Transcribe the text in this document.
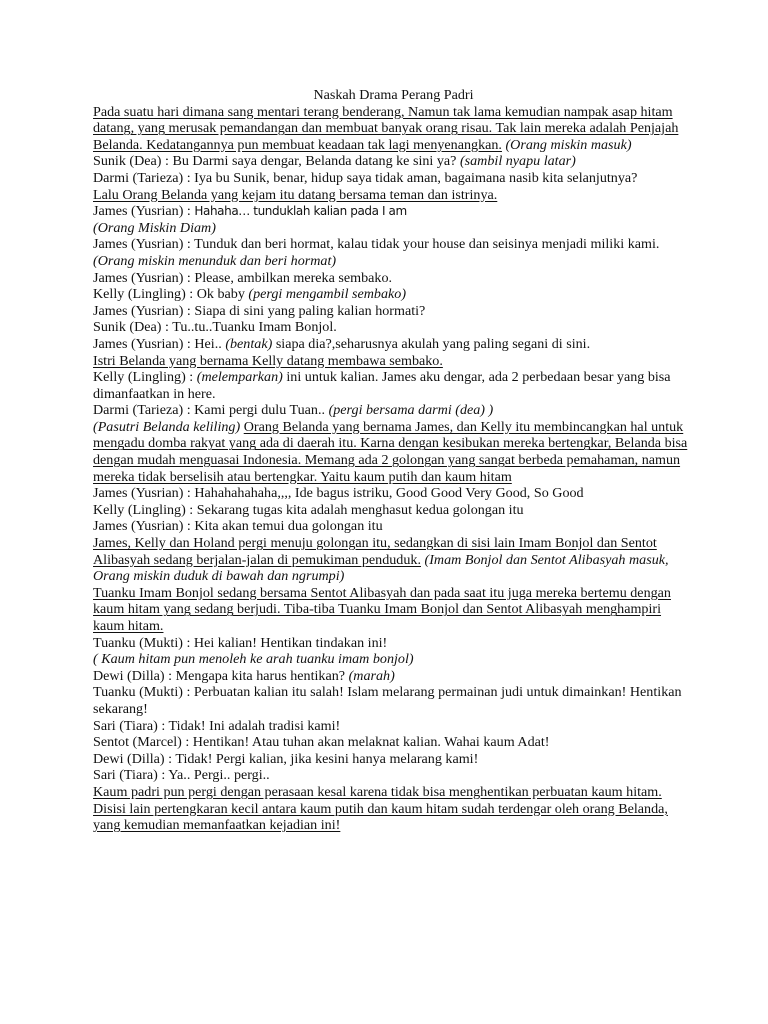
Naskah Drama Perang Padri
Pada suatu hari dimana sang mentari terang benderang, Namun tak lama kemudian nampak asap hitam datang, yang merusak pemandangan dan membuat banyak orang risau. Tak lain mereka adalah Penjajah Belanda. Kedatangannya pun membuat keadaan tak lagi menyenangkan. (Orang miskin masuk)
Sunik (Dea) : Bu Darmi saya dengar, Belanda datang ke sini ya? (sambil nyapu latar)
Darmi (Tarieza) : Iya bu Sunik, benar, hidup saya tidak aman, bagaimana nasib kita selanjutnya?
Lalu Orang Belanda yang kejam itu datang bersama teman dan istrinya.
James (Yusrian) : Hahaha… tunduklah kalian pada I am
(Orang Miskin Diam)
James (Yusrian) : Tunduk dan beri hormat, kalau tidak your house dan seisinya menjadi miliki kami.
(Orang miskin menunduk dan beri hormat)
James (Yusrian) : Please, ambilkan mereka sembako.
Kelly (Lingling) : Ok baby (pergi mengambil sembako)
James (Yusrian) : Siapa di sini yang paling kalian hormati?
Sunik (Dea) : Tu..tu..Tuanku Imam Bonjol.
James (Yusrian) : Hei.. (bentak) siapa dia?,seharusnya akulah yang paling segani di sini.
Istri Belanda yang bernama Kelly datang membawa sembako.
Kelly (Lingling) : (melemparkan) ini untuk kalian. James aku dengar, ada 2 perbedaan besar yang bisa dimanfaatkan in here.
Darmi (Tarieza) : Kami pergi dulu Tuan.. (pergi bersama darmi (dea) )
(Pasutri Belanda keliling) Orang Belanda yang bernama James, dan Kelly itu membincangkan hal untuk mengadu domba rakyat yang ada di daerah itu. Karna dengan kesibukan mereka bertengkar, Belanda bisa dengan mudah menguasai Indonesia. Memang ada 2 golongan yang sangat berbeda pemahaman, namun mereka tidak berselisih atau bertengkar. Yaitu kaum putih dan kaum hitam
James (Yusrian) : Hahahahahaha,,,, Ide bagus istriku, Good Good Very Good, So Good
Kelly (Lingling) : Sekarang tugas kita adalah menghasut kedua golongan itu
James (Yusrian) : Kita akan temui dua golongan itu
James, Kelly dan Holand pergi menuju golongan itu, sedangkan di sisi lain Imam Bonjol dan Sentot Alibasyah sedang berjalan-jalan di pemukiman penduduk. (Imam Bonjol dan Sentot Alibasyah masuk, Orang miskin duduk di bawah dan ngrumpi)
Tuanku Imam Bonjol sedang bersama Sentot Alibasyah dan pada saat itu juga mereka bertemu dengan kaum hitam yang sedang berjudi. Tiba-tiba Tuanku Imam Bonjol dan Sentot Alibasyah menghampiri kaum hitam.
Tuanku (Mukti) : Hei kalian! Hentikan tindakan ini!
( Kaum hitam pun menoleh ke arah tuanku imam bonjol)
Dewi (Dilla) : Mengapa kita harus hentikan? (marah)
Tuanku (Mukti) : Perbuatan kalian itu salah! Islam melarang permainan judi untuk dimainkan! Hentikan sekarang!
Sari (Tiara) : Tidak! Ini adalah tradisi kami!
Sentot (Marcel) : Hentikan! Atau tuhan akan melaknat kalian. Wahai kaum Adat!
Dewi (Dilla) : Tidak! Pergi kalian, jika kesini hanya melarang kami!
Sari (Tiara) : Ya.. Pergi.. pergi..
Kaum padri pun pergi dengan perasaan kesal karena tidak bisa menghentikan perbuatan kaum hitam.
Disisi lain pertengkaran kecil antara kaum putih dan kaum hitam sudah terdengar oleh orang Belanda, yang kemudian memanfaatkan kejadian ini!
